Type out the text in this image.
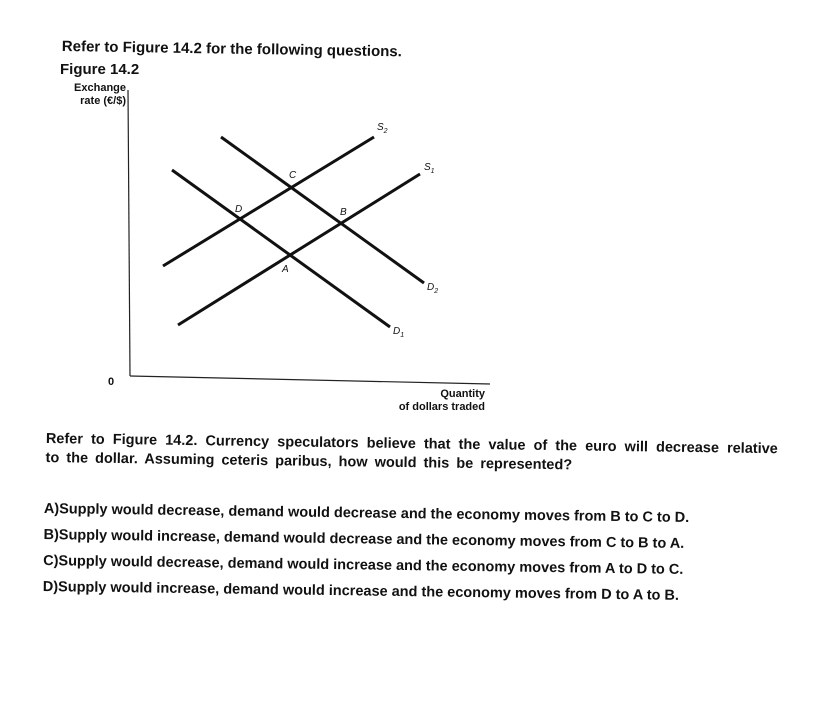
Refer to Figure 14.2 for the following questions.
Figure 14.2
Exchange
rate (€/$)
$S_2$
$S_1$
$D_2$
$D_1$
C
D	B
A
0
Quantity
of dollars traded
Refer to Figure 14.2. Currency speculators believe that the value of the euro will decrease relative to the dollar. Assuming ceteris paribus, how would this be represented?
A)Supply would decrease, demand would decrease and the economy moves from B to C to D.
B)Supply would increase, demand would decrease and the economy moves from C to B to A.
C)Supply would decrease, demand would increase and the economy moves from A to D to C.
D)Supply would increase, demand would increase and the economy moves from D to A to B.
